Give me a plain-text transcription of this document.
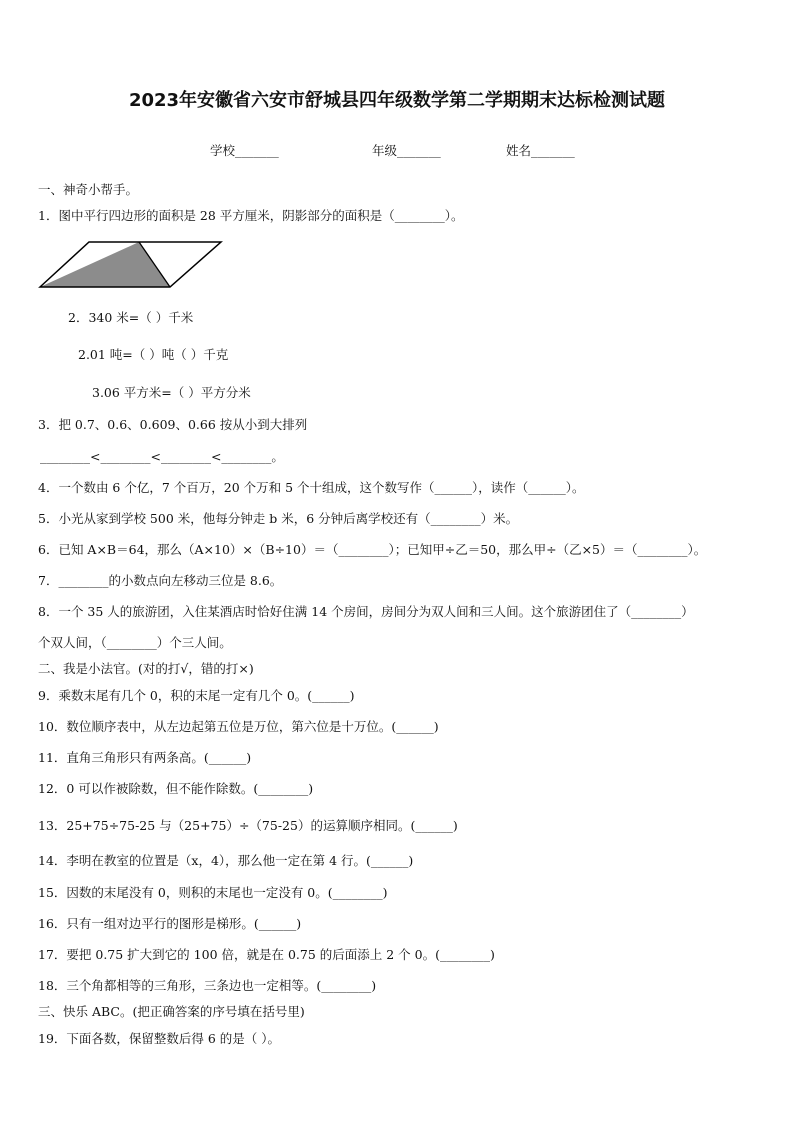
2023年安徽省六安市舒城县四年级数学第二学期期末达标检测试题
学校_______	年级_______	姓名_______
一、神奇小帮手。
1．图中平行四边形的面积是 28 平方厘米，阴影部分的面积是（________）。
2．340 米=（ ）千米
2.01 吨=（ ）吨（ ）千克
3.06 平方米=（ ）平方分米
3．把 0.7、0.6、0.609、0.66 按从小到大排列
________<________<________<________。
4．一个数由 6 个亿，7 个百万，20 个万和 5 个十组成，这个数写作（______），读作（______）。
5．小光从家到学校 500 米，他每分钟走 b 米，6 分钟后离学校还有（________）米。
6．已知 A×B＝64，那么（A×10）×（B÷10）＝（________）；已知甲÷乙＝50，那么甲÷（乙×5）＝（________）。
7．________的小数点向左移动三位是 8.6。
8．一个 35 人的旅游团，入住某酒店时恰好住满 14 个房间，房间分为双人间和三人间。这个旅游团住了（________）
个双人间，（________）个三人间。
二、我是小法官。(对的打√，错的打×)
9．乘数末尾有几个 0，积的末尾一定有几个 0。(______)
10．数位顺序表中，从左边起第五位是万位，第六位是十万位。(______)
11．直角三角形只有两条高。(______)
12．0 可以作被除数，但不能作除数。(________)
13．25+75÷75-25 与（25+75）÷（75-25）的运算顺序相同。(______)
14．李明在教室的位置是（x，4），那么他一定在第 4 行。(______)
15．因数的末尾没有 0，则积的末尾也一定没有 0。(________)
16．只有一组对边平行的图形是梯形。(______)
17．要把 0.75 扩大到它的 100 倍，就是在 0.75 的后面添上 2 个 0。(________)
18．三个角都相等的三角形，三条边也一定相等。(________)
三、快乐 ABC。(把正确答案的序号填在括号里)
19．下面各数，保留整数后得 6 的是（ ）。
